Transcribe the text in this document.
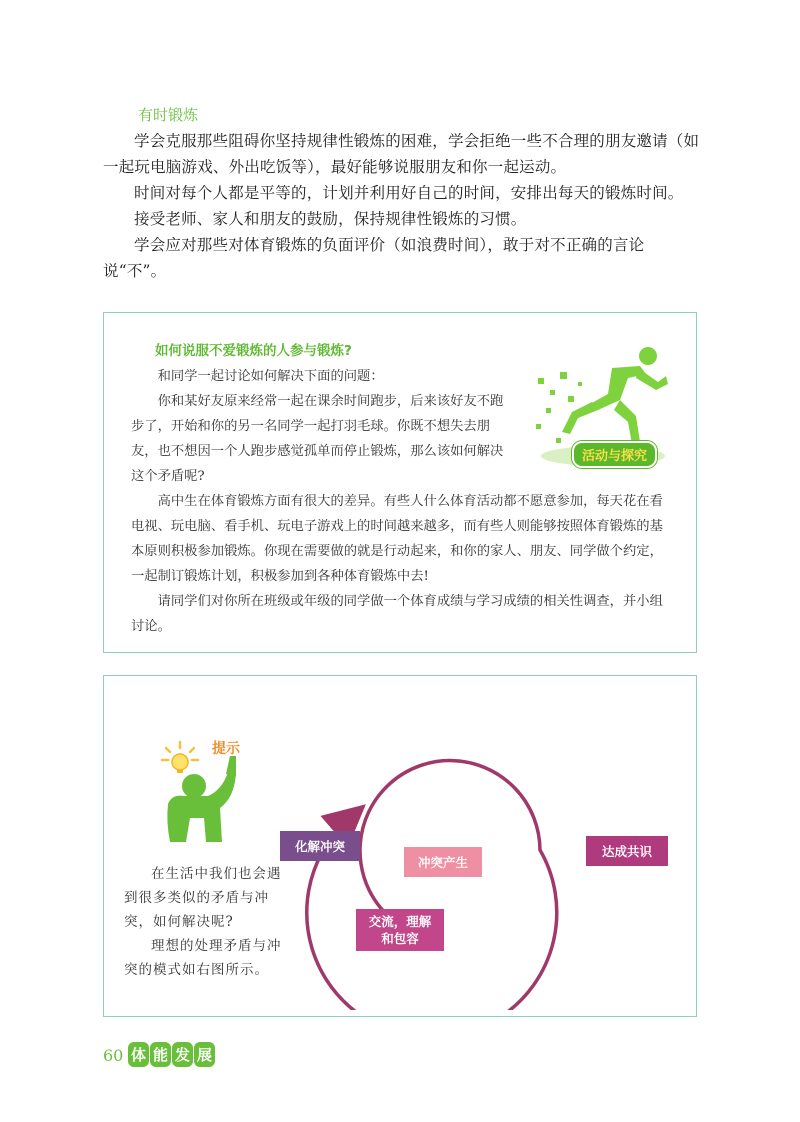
有时锻炼

学会克服那些阻碍你坚持规律性锻炼的困难，学会拒绝一些不合理的朋友邀请（如一起玩电脑游戏、外出吃饭等），最好能够说服朋友和你一起运动。

时间对每个人都是平等的，计划并利用好自己的时间，安排出每天的锻炼时间。

接受老师、家人和朋友的鼓励，保持规律性锻炼的习惯。

学会应对那些对体育锻炼的负面评价（如浪费时间），敢于对不正确的言论说“不”。

如何说服不爱锻炼的人参与锻炼?

和同学一起讨论如何解决下面的问题：

你和某好友原来经常一起在课余时间跑步，后来该好友不跑步了，开始和你的另一名同学一起打羽毛球。你既不想失去朋友，也不想因一个人跑步感觉孤单而停止锻炼，那么该如何解决这个矛盾呢?

高中生在体育锻炼方面有很大的差异。有些人什么体育活动都不愿意参加，每天花在看电视、玩电脑、看手机、玩电子游戏上的时间越来越多，而有些人则能够按照体育锻炼的基本原则积极参加锻炼。你现在需要做的就是行动起来，和你的家人、朋友、同学做个约定，一起制订锻炼计划，积极参加到各种体育锻炼中去!

请同学们对你所在班级或年级的同学做一个体育成绩与学习成绩的相关性调查，并小组讨论。

活动与探究
提示

在生活中我们也会遇到很多类似的矛盾与冲突，如何解决呢?

理想的处理矛盾与冲突的模式如右图所示。

化解冲突
冲突产生
交流，理解和包容
达成共识
60 体 能 发 展
